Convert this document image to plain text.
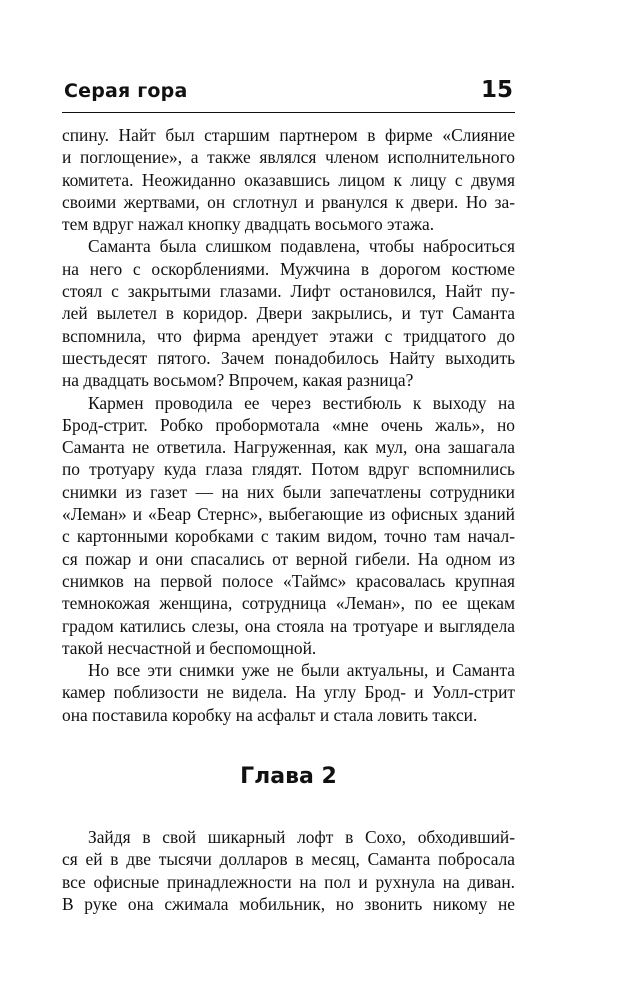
Серая гора	15

спину. Найт был старшим партнером в фирме «Слияние
и поглощение», а также являлся членом исполнительного
комитета. Неожиданно оказавшись лицом к лицу с двумя
своими жертвами, он сглотнул и рванулся к двери. Но за-
тем вдруг нажал кнопку двадцать восьмого этажа.

Саманта была слишком подавлена, чтобы наброситься
на него с оскорблениями. Мужчина в дорогом костюме
стоял с закрытыми глазами. Лифт остановился, Найт пу-
лей вылетел в коридор. Двери закрылись, и тут Саманта
вспомнила, что фирма арендует этажи с тридцатого до
шестьдесят пятого. Зачем понадобилось Найту выходить
на двадцать восьмом? Впрочем, какая разница?

Кармен проводила ее через вестибюль к выходу на
Брод-стрит. Робко пробормотала «мне очень жаль», но
Саманта не ответила. Нагруженная, как мул, она зашагала
по тротуару куда глаза глядят. Потом вдруг вспомнились
снимки из газет — на них были запечатлены сотрудники
«Леман» и «Беар Стернс», выбегающие из офисных зданий
с картонными коробками с таким видом, точно там начал-
ся пожар и они спасались от верной гибели. На одном из
снимков на первой полосе «Таймс» красовалась крупная
темнокожая женщина, сотрудница «Леман», по ее щекам
градом катились слезы, она стояла на тротуаре и выглядела
такой несчастной и беспомощной.

Но все эти снимки уже не были актуальны, и Саманта
камер поблизости не видела. На углу Брод- и Уолл-стрит
она поставила коробку на асфальт и стала ловить такси.

Глава 2

Зайдя в свой шикарный лофт в Сохо, обходивший-
ся ей в две тысячи долларов в месяц, Саманта побросала
все офисные принадлежности на пол и рухнула на диван.
В руке она сжимала мобильник, но звонить никому не
